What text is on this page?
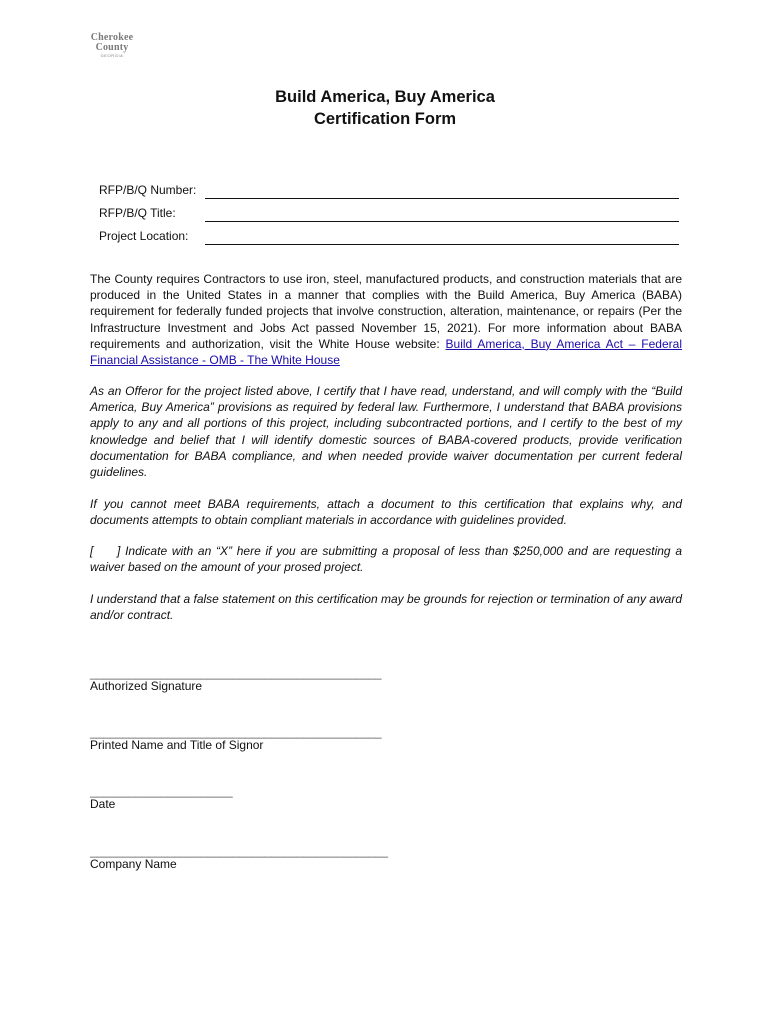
Cherokee
County
GEORGIA
Build America, Buy America
Certification Form
RFP/B/Q Number:
RFP/B/Q Title:
Project Location:
The County requires Contractors to use iron, steel, manufactured products, and construction materials that are produced in the United States in a manner that complies with the Build America, Buy America (BABA) requirement for federally funded projects that involve construction, alteration, maintenance, or repairs (Per the Infrastructure Investment and Jobs Act passed November 15, 2021). For more information about BABA requirements and authorization, visit the White House website: Build America, Buy America Act – Federal Financial Assistance - OMB - The White House
As an Offeror for the project listed above, I certify that I have read, understand, and will comply with the “Build America, Buy America” provisions as required by federal law. Furthermore, I understand that BABA provisions apply to any and all portions of this project, including subcontracted portions, and I certify to the best of my knowledge and belief that I will identify domestic sources of BABA-covered products, provide verification documentation for BABA compliance, and when needed provide waiver documentation per current federal guidelines.
If you cannot meet BABA requirements, attach a document to this certification that explains why, and documents attempts to obtain compliant materials in accordance with guidelines provided.
[     ] Indicate with an “X” here if you are submitting a proposal of less than $250,000 and are requesting a waiver based on the amount of your prosed project.
I understand that a false statement on this certification may be grounds for rejection or termination of any award and/or contract.
_____________________________________________
Authorized Signature
_____________________________________________
Printed Name and Title of Signor
______________________
Date
______________________________________________
Company Name
